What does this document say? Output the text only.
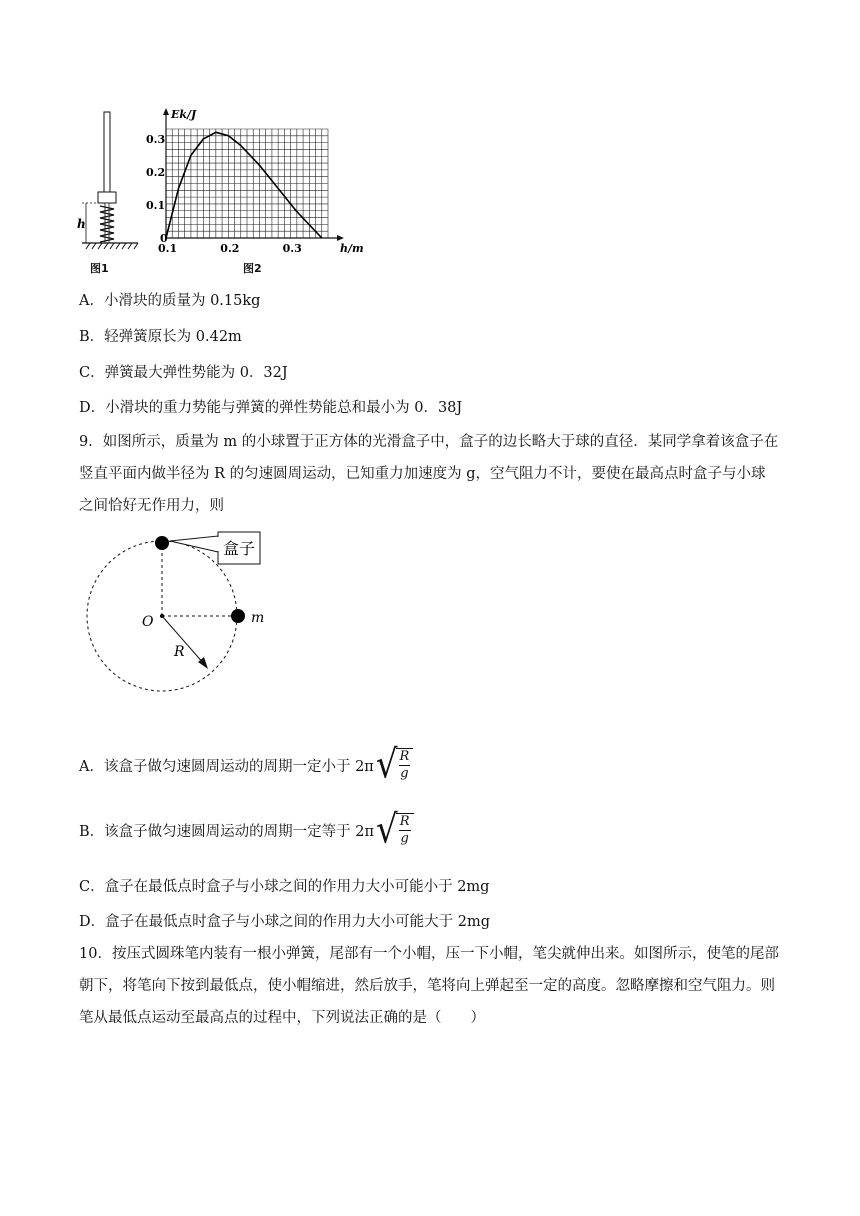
h
图1
0.1	0.2	0.3
0.1
0.2
0.3
0
Ek/J
h/m
图2
A．小滑块的质量为 0.15kg
B．轻弹簧原长为 0.42m
C．弹簧最大弹性势能为 0．32J
D．小滑块的重力势能与弹簧的弹性势能总和最小为 0．38J
9．如图所示，质量为 m 的小球置于正方体的光滑盒子中，盒子的边长略大于球的直径．某同学拿着该盒子在竖直平面内做半径为 R 的匀速圆周运动，已知重力加速度为 g，空气阻力不计，要使在最高点时盒子与小球之间恰好无作用力，则
盒子
O	m
R
A．该盒子做匀速圆周运动的周期一定小于 2π √
$\frac{R}{g}$
B．该盒子做匀速圆周运动的周期一定等于 2π √
$\frac{R}{g}$
C．盒子在最低点时盒子与小球之间的作用力大小可能小于 2mg
D．盒子在最低点时盒子与小球之间的作用力大小可能大于 2mg
10．按压式圆珠笔内装有一根小弹簧，尾部有一个小帽，压一下小帽，笔尖就伸出来。如图所示，使笔的尾部朝下，将笔向下按到最低点，使小帽缩进，然后放手，笔将向上弹起至一定的高度。忽略摩擦和空气阻力。则笔从最低点运动至最高点的过程中，下列说法正确的是（　　）
